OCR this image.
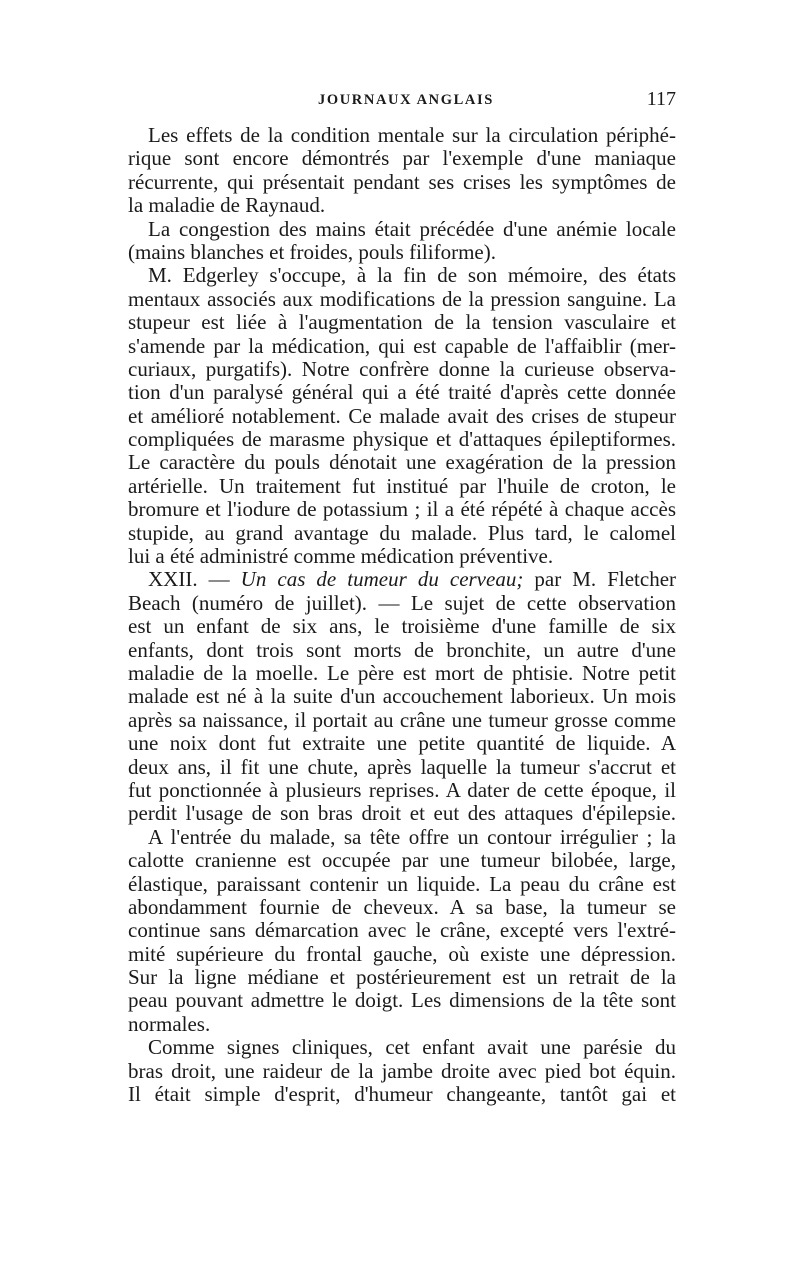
JOURNAUX ANGLAIS	117
Les effets de la condition mentale sur la circulation périphé-
rique sont encore démontrés par l'exemple d'une maniaque
récurrente, qui présentait pendant ses crises les symptômes de
la maladie de Raynaud.
La congestion des mains était précédée d'une anémie locale
(mains blanches et froides, pouls filiforme).
M. Edgerley s'occupe, à la fin de son mémoire, des états
mentaux associés aux modifications de la pression sanguine. La
stupeur est liée à l'augmentation de la tension vasculaire et
s'amende par la médication, qui est capable de l'affaiblir (mer-
curiaux, purgatifs). Notre confrère donne la curieuse observa-
tion d'un paralysé général qui a été traité d'après cette donnée
et amélioré notablement. Ce malade avait des crises de stupeur
compliquées de marasme physique et d'attaques épileptiformes.
Le caractère du pouls dénotait une exagération de la pression
artérielle. Un traitement fut institué par l'huile de croton, le
bromure et l'iodure de potassium ; il a été répété à chaque accès
stupide, au grand avantage du malade. Plus tard, le calomel
lui a été administré comme médication préventive.
XXII. — Un cas de tumeur du cerveau; par M. Fletcher
Beach (numéro de juillet). — Le sujet de cette observation
est un enfant de six ans, le troisième d'une famille de six
enfants, dont trois sont morts de bronchite, un autre d'une
maladie de la moelle. Le père est mort de phtisie. Notre petit
malade est né à la suite d'un accouchement laborieux. Un mois
après sa naissance, il portait au crâne une tumeur grosse comme
une noix dont fut extraite une petite quantité de liquide. A
deux ans, il fit une chute, après laquelle la tumeur s'accrut et
fut ponctionnée à plusieurs reprises. A dater de cette époque, il
perdit l'usage de son bras droit et eut des attaques d'épilepsie.
A l'entrée du malade, sa tête offre un contour irrégulier ; la
calotte cranienne est occupée par une tumeur bilobée, large,
élastique, paraissant contenir un liquide. La peau du crâne est
abondamment fournie de cheveux. A sa base, la tumeur se
continue sans démarcation avec le crâne, excepté vers l'extré-
mité supérieure du frontal gauche, où existe une dépression.
Sur la ligne médiane et postérieurement est un retrait de la
peau pouvant admettre le doigt. Les dimensions de la tête sont
normales.
Comme signes cliniques, cet enfant avait une parésie du
bras droit, une raideur de la jambe droite avec pied bot équin.
Il était simple d'esprit, d'humeur changeante, tantôt gai et
